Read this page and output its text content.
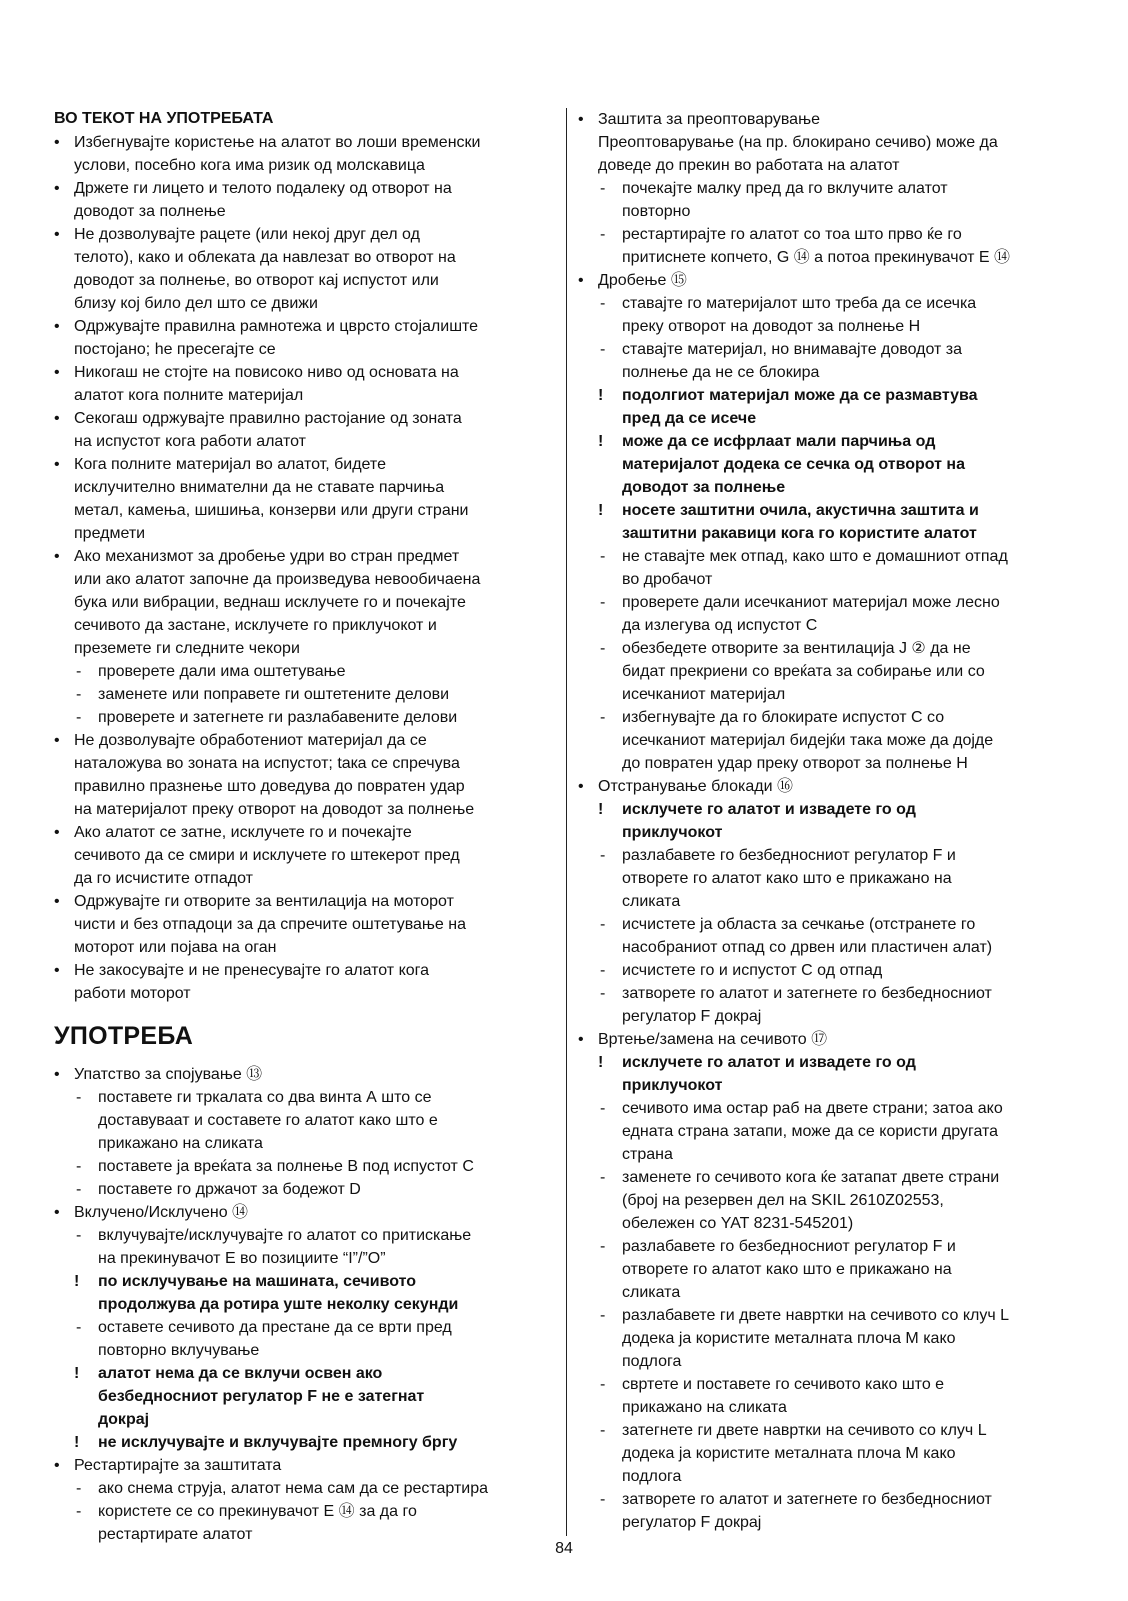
ВО ТЕКОТ НА УПОТРЕБАТА
• Избегнувајте користење на алатот во лоши временски
услови, посебно кога има ризик од молскавица
• Држете ги лицето и телото подалеку од отворот на
доводот за полнење
• Не дозволувајте рацете (или некој друг дел од
телото), како и облеката да навлезат во отворот на
доводот за полнење, во отворот кај испустот или
близу кој било дел што се движи
• Одржувајте правилна рамнотежа и цврсто стојалиште
постојано; he пресегајте се
• Никогаш не стојте на повисоко ниво од основата на
алатот кога полните материјал
• Секогаш одржувајте правилно растојание од зоната
на испустот кога работи алатот
• Кога полните материјал во алатот, бидете
исклучително внимателни да не ставате парчиња
метал, камења, шишиња, конзерви или други страни
предмети
• Ако механизмот за дробење удри во стран предмет
или ако алатот започне да произведува невообичаена
бука или вибрации, веднаш исклучете го и почекајте
сечивото да застане, исклучете го приклучокот и
преземете ги следните чекори
- проверете дали има оштетување
- заменете или поправете ги оштетените делови
- проверете и затегнете ги разлабавените делови
• Не дозволувајте обработениот материјал да се
наталожува во зоната на испустот; taкa ce спречува
правилно празнење што доведува до повратен удар
на материјалот преку отворот на доводот за полнење
• Ако алатот се затне, исклучете го и почекајте
сечивото да се смири и исклучете го штекерот пред
да го исчистите отпадот
• Одржувајте ги отворите за вентилација на моторот
чисти и без отпадоци за да спречите оштетување на
моторот или појава на оган
• Не закосувајте и не пренесувајте го алатот кога
работи моторот
УПОТРЕБА
• Упатство за спојување ⑬
- поставете ги тркалата со два винта А што се
доставуваат и составете го алатот како што е
прикажано на сликата
- поставете ја вреќата за полнење В под испустот С
- поставете го држачот за бодежот D
• Вклучено/Исклучено ⑭
- вклучувајте/исклучувајте го алатот со притискање
на прекинувачот Е во позициите “I”/”O”
! по исклучување на машината, сечивото
продолжува да ротира уште неколку секунди
- оставете сечивото да престане да се врти пред
повторно вклучување
! алатот нема да се вклучи освен ако
безбедносниот регулатор F не е затегнат
докрај
! не исклучувајте и вклучувајте премногу бргу
• Рестартирајте за заштитата
- ако снема струја, алатот нема сам да се рестартира
- користете се со прекинувачот Е ⑭ за да го
рестартирате алатот
• Заштита за преоптоварување
Преоптоварување (на пр. блокирано сечиво) може да
доведе до прекин во работата на алатот
- почекајте малку пред да го вклучите алатот
повторно
- рестартирајте го алатот со тоа што прво ќе го
притиснете копчето, G ⑭ а потоа прекинувачот Е ⑭
• Дробење ⑮
- ставајте го материјалот што треба да се исечка
преку отворот на доводот за полнење Н
- ставајте материјал, но внимавајте доводот за
полнење да не се блокира
! подолгиот материјал може да се размавтува
пред да се исече
! може да се исфрлаат мали парчиња од
материјалот додека се сечка од отворот на
доводот за полнење
! носете заштитни очила, акустична заштита и
заштитни ракавици кога го користите алатот
- не ставајте мек отпад, како што е домашниот отпад
во дробачот
- проверете дали исечканиот материјал може лесно
да излегува од испустот С
- обезбедете отворите за вентилација J ② да не
бидат прекриени со вреќата за собирање или со
исечканиот материјал
- избегнувајте да го блокирате испустот С со
исечканиот материјал бидејќи така може да дојде
до повратен удар преку отворот за полнење Н
• Отстранување блокади ⑯
! исклучете го алатот и извадете го од
приклучокот
- разлабавете го безбедносниот регулатор F и
отворете го алатот како што е прикажано на
сликата
- исчистете ја областа за сечкање (отстранете го
насобраниот отпад со дрвен или пластичен алат)
- исчистете го и испустот С од отпад
- затворете го алатот и затегнете го безбедносниот
регулатор F докрај
• Вртење/замена на сечивото ⑰
! исклучете го алатот и извадете го од
приклучокот
- сечивото има остар раб на двете страни; затоа ако
едната страна затапи, може да се користи другата
страна
- заменете го сечивото кога ќе затапат двете страни
(број на резервен дел на SKIL 2610Z02553,
обележен со YAT 8231-545201)
- разлабавете го безбедносниот регулатор F и
отворете го алатот како што е прикажано на
сликата
- разлабавете ги двете навртки на сечивото со клуч L
додека ја користите металната плоча М како
подлога
- свртете и поставете го сечивото како што е
прикажано на сликата
- затегнете ги двете навртки на сечивото со клуч L
додека ја користите металната плоча М како
подлога
- затворете го алатот и затегнете го безбедносниот
регулатор F докрај
84
